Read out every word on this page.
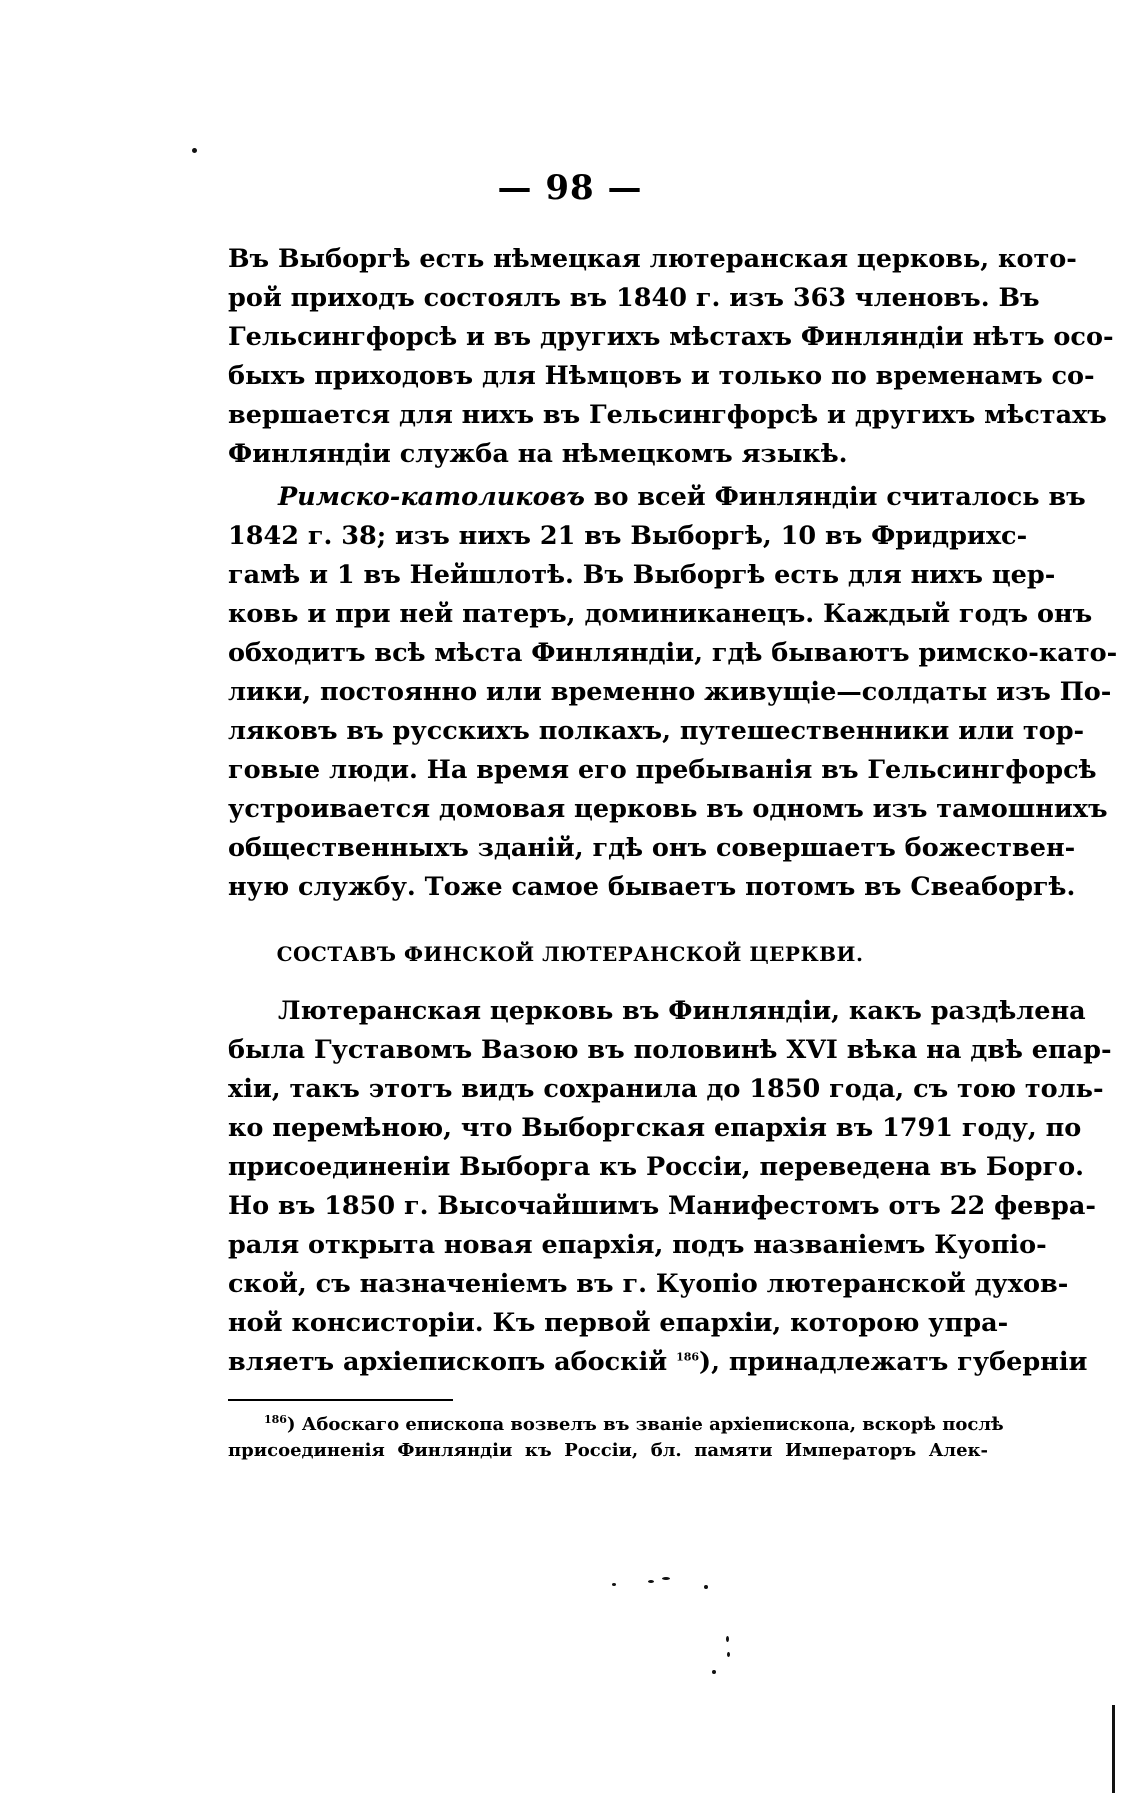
— 98 —
Въ Выборгѣ есть нѣмецкая лютеранская церковь, кото-
рой приходъ состоялъ въ 1840 г. изъ 363 членовъ. Въ
Гельсингфорсѣ и въ другихъ мѣстахъ Финляндіи нѣтъ осо-
быхъ приходовъ для Нѣмцовъ и только по временамъ со-
вершается для нихъ въ Гельсингфорсѣ и другихъ мѣстахъ
Финляндіи служба на нѣмецкомъ языкѣ.
Римско-католиковъ во всей Финляндіи считалось въ
1842 г. 38; изъ нихъ 21 въ Выборгѣ, 10 въ Фридрихс-
гамѣ и 1 въ Нейшлотѣ. Въ Выборгѣ есть для нихъ цер-
ковь и при ней патеръ, доминиканецъ. Каждый годъ онъ
обходитъ всѣ мѣста Финляндіи, гдѣ бываютъ римско-като-
лики, постоянно или временно живущіе—солдаты изъ По-
ляковъ въ русскихъ полкахъ, путешественники или тор-
говые люди. На время его пребыванія въ Гельсингфорсѣ
устроивается домовая церковь въ одномъ изъ тамошнихъ
общественныхъ зданій, гдѣ онъ совершаетъ божествен-
ную службу. Тоже самое бываетъ потомъ въ Свеаборгѣ.
СОСТАВЪ ФИНСКОЙ ЛЮТЕРАНСКОЙ ЦЕРКВИ.
Лютеранская церковь въ Финляндіи, какъ раздѣлена
была Густавомъ Вазою въ половинѣ XVI вѣка на двѣ епар-
хіи, такъ этотъ видъ сохранила до 1850 года, съ тою толь-
ко перемѣною, что Выборгская епархія въ 1791 году, по
присоединеніи Выборга къ Россіи, переведена въ Борго.
Но въ 1850 г. Высочайшимъ Манифестомъ отъ 22 февра-
раля открыта новая епархія, подъ названіемъ Куопіо-
ской, съ назначеніемъ въ г. Куопіо лютеранской духов-
ной консисторіи. Къ первой епархіи, которою упра-
вляетъ архіепископъ абоскій $^{186}$), принадлежатъ губерніи
$^{186}$) Абоскаго епископа возвелъ въ званіе архіепископа, вскорѣ послѣ
присоединенія Финляндіи къ Россіи, бл. памяти Императоръ Алек-
